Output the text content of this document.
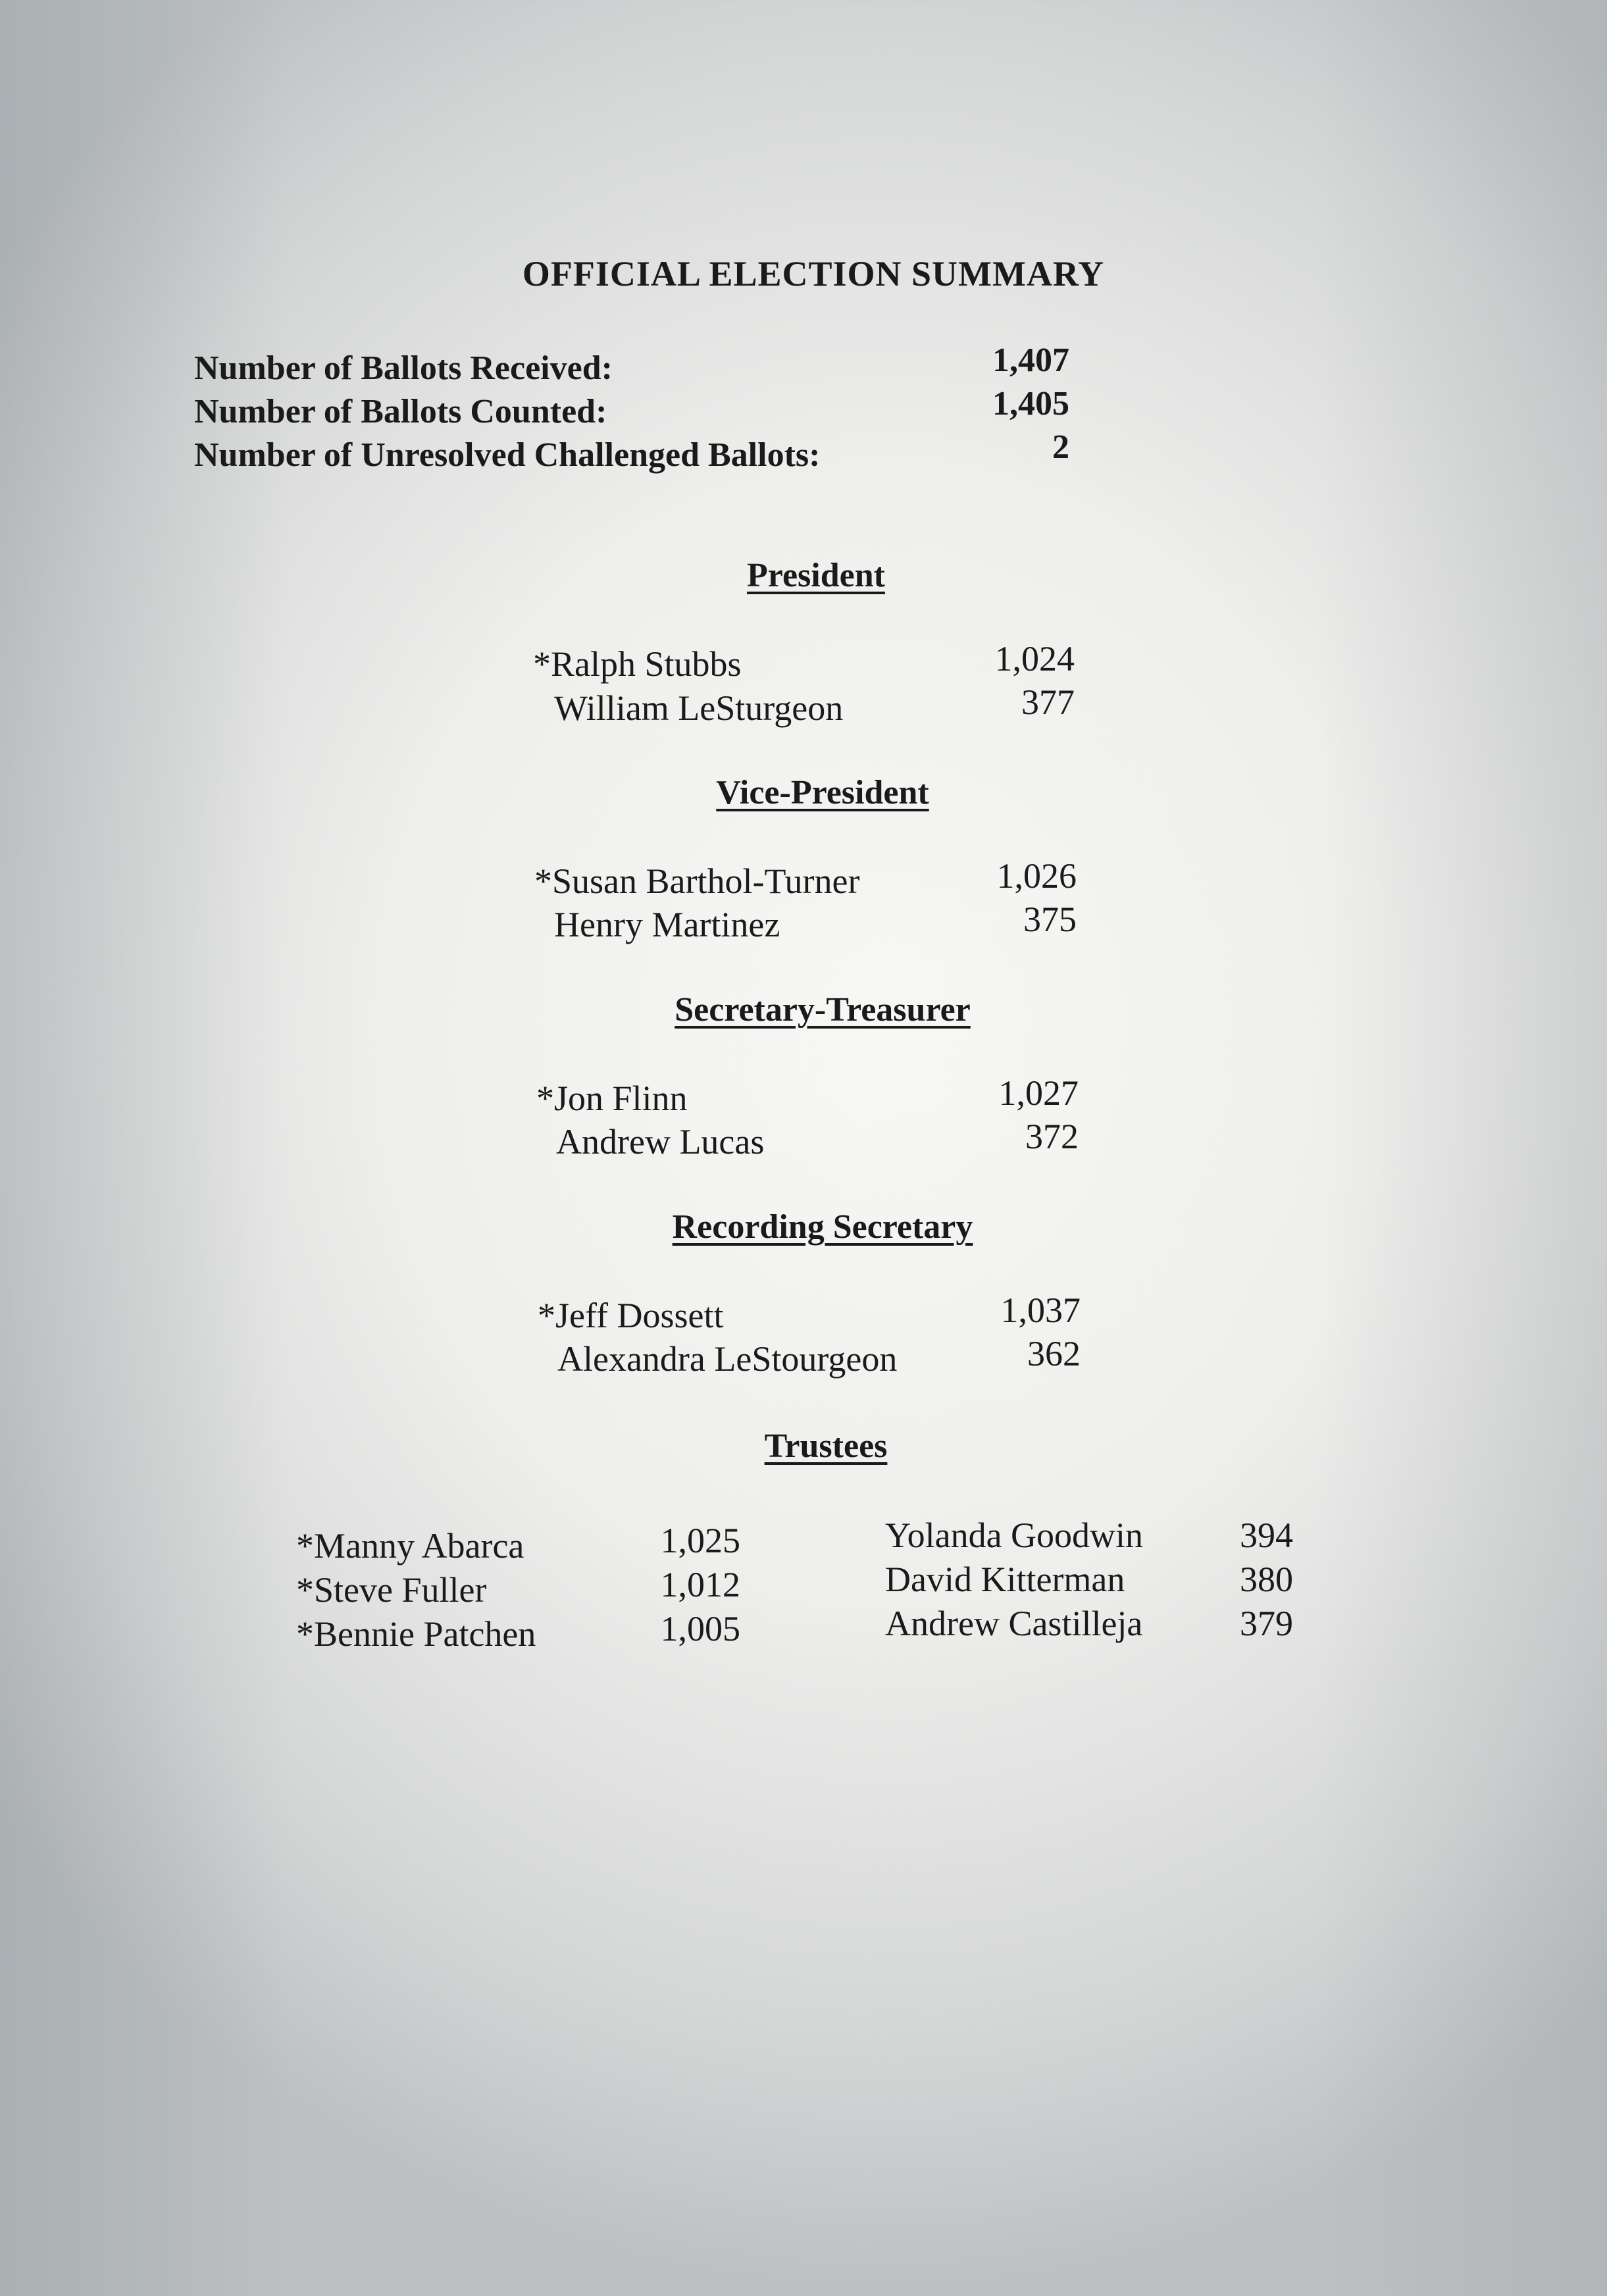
OFFICIAL ELECTION SUMMARY
Number of Ballots Received:	1,407
Number of Ballots Counted:	1,405
Number of Unresolved Challenged Ballots:	2
President
*Ralph Stubbs	1,024
William LeSturgeon	377
Vice-President
*Susan Barthol-Turner	1,026
Henry Martinez	375
Secretary-Treasurer
*Jon Flinn	1,027
Andrew Lucas	372
Recording Secretary
*Jeff Dossett	1,037
Alexandra LeStourgeon	362
Trustees
*Manny Abarca	1,025
*Steve Fuller	1,012
*Bennie Patchen	1,005
Yolanda Goodwin	394
David Kitterman	380
Andrew Castilleja	379
